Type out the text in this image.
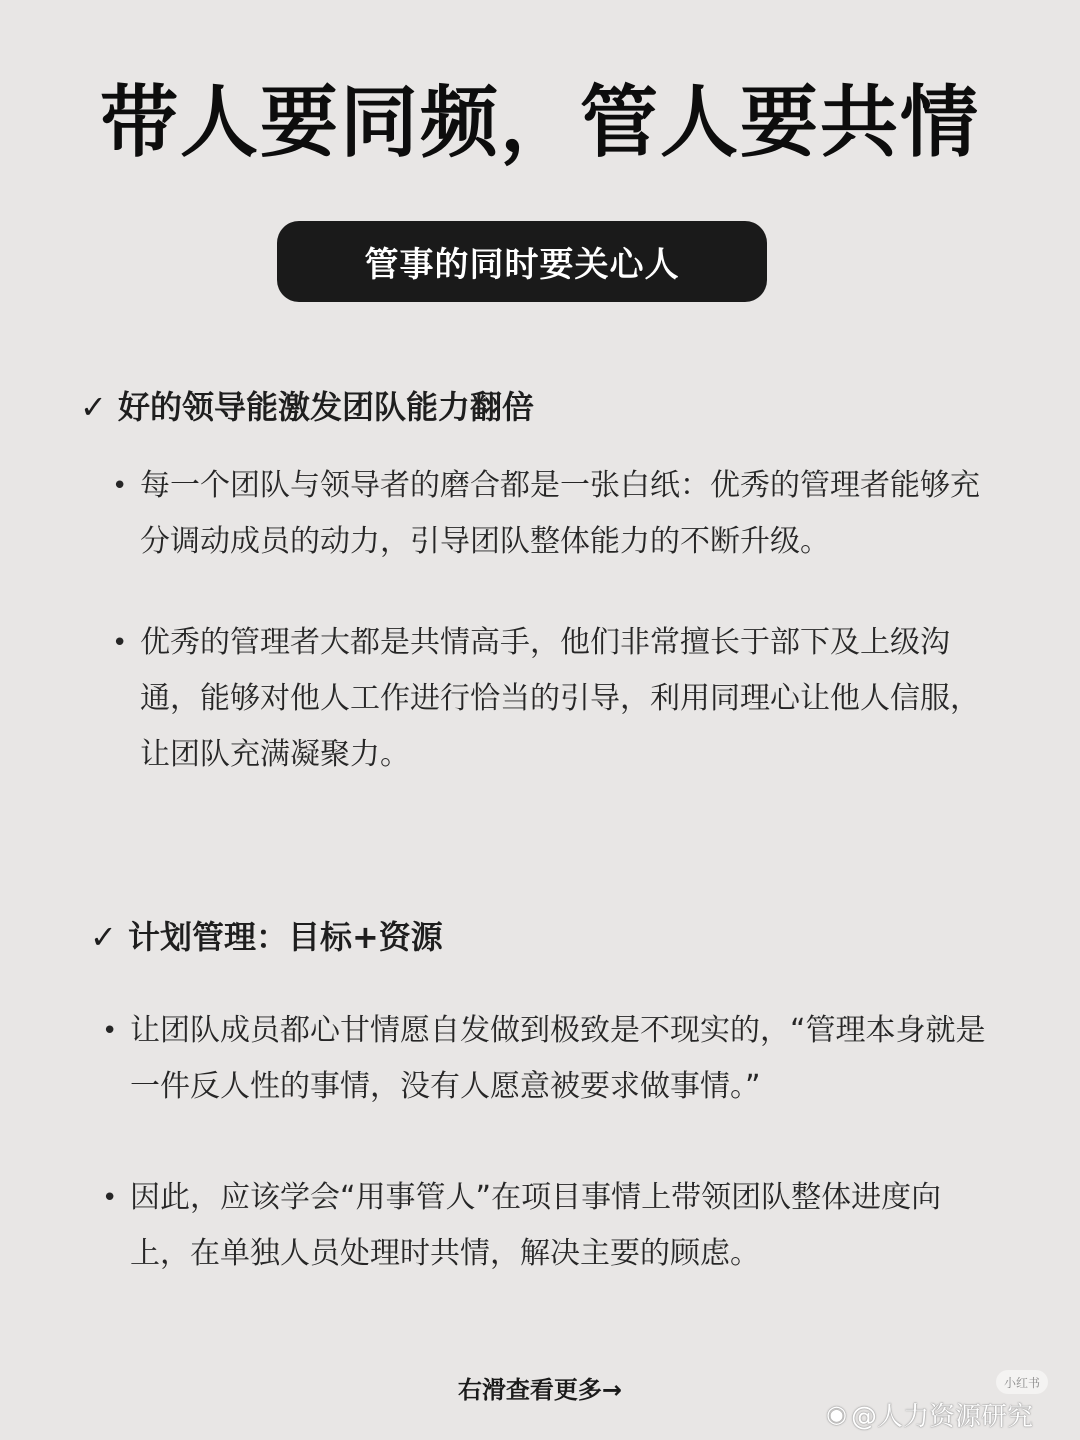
带人要同频，管人要共情
管事的同时要关心人
✓ 好的领导能激发团队能力翻倍
• 每一个团队与领导者的磨合都是一张白纸：优秀的管理者能够充分调动成员的动力，引导团队整体能力的不断升级。
• 优秀的管理者大都是共情高手，他们非常擅长于部下及上级沟通，能够对他人工作进行恰当的引导，利用同理心让他人信服，让团队充满凝聚力。
✓ 计划管理：目标+资源
• 让团队成员都心甘情愿自发做到极致是不现实的，“管理本身就是一件反人性的事情，没有人愿意被要求做事情。”
• 因此，应该学会“用事管人”在项目事情上带领团队整体进度向上，在单独人员处理时共情，解决主要的顾虑。
右滑查看更多→	小红书
◉ @人力资源研究
